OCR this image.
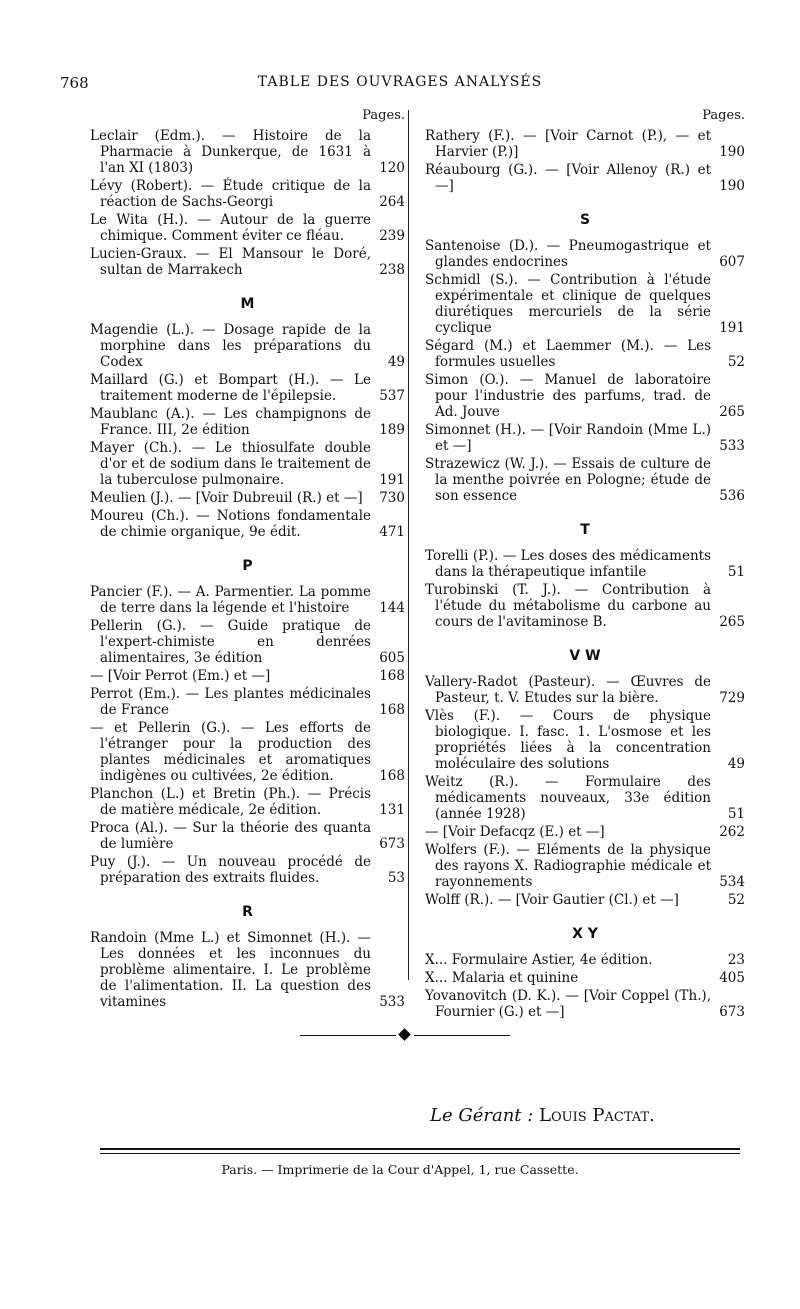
768	TABLE DES OUVRAGES ANALYSÉS
Pages.
Leclair (Edm.). — Histoire de la Pharmacie à Dunkerque, de 1631 à l'an XI (1803)	120
Lévy (Robert). — Étude critique de la réaction de Sachs-Georgi	264
Le Wita (H.). — Autour de la guerre chimique. Comment éviter ce fléau.	239
Lucien-Graux. — El Mansour le Doré, sultan de Marrakech	238
M
Magendie (L.). — Dosage rapide de la morphine dans les préparations du Codex	49
Maillard (G.) et Bompart (H.). — Le traitement moderne de l'épilepsie.	537
Maublanc (A.). — Les champignons de France. III, 2e édition	189
Mayer (Ch.). — Le thiosulfate double d'or et de sodium dans le traitement de la tuberculose pulmonaire.	191
Meulien (J.). — [Voir Dubreuil (R.) et —] 730
Moureu (Ch.). — Notions fondamentale de chimie organique, 9e édit.	471
P
Pancier (F.). — A. Parmentier. La pomme de terre dans la légende et l'histoire 144
Pellerin (G.). — Guide pratique de l'expert-chimiste en denrées alimentaires, 3e édition	605
— [Voir Perrot (Em.) et —]	168
Perrot (Em.). — Les plantes médicinales de France	168
— et Pellerin (G.). — Les efforts de l'étranger pour la production des plantes médicinales et aromatiques indigènes ou cultivées, 2e édition.	168
Planchon (L.) et Bretin (Ph.). — Précis de matière médicale, 2e édition.	131
Proca (Al.). — Sur la théorie des quanta de lumière	673
Puy (J.). — Un nouveau procédé de préparation des extraits fluides.	53
R
Randoin (Mme L.) et Simonnet (H.). — Les données et les inconnues du problème alimentaire. I. Le problème de l'alimentation. II. La question des vitamines	533
Pages.
Rathery (F.). — [Voir Carnot (P.), — et Harvier (P.)]	190
Réaubourg (G.). — [Voir Allenoy (R.) et —]	190
S
Santenoise (D.). — Pneumogastrique et glandes endocrines	607
Schmidl (S.). — Contribution à l'étude expérimentale et clinique de quelques diurétiques mercuriels de la série cyclique	191
Ségard (M.) et Laemmer (M.). — Les formules usuelles	52
Simon (O.). — Manuel de laboratoire pour l'industrie des parfums, trad. de Ad. Jouve	265
Simonnet (H.). — [Voir Randoin (Mme L.) et —]	533
Strazewicz (W. J.). — Essais de culture de la menthe poivrée en Pologne; étude de son essence	536
T
Torelli (P.). — Les doses des médicaments dans la thérapeutique infantile	51
Turobinski (T. J.). — Contribution à l'étude du métabolisme du carbone au cours de l'avitaminose B.	265
V W
Vallery-Radot (Pasteur). — Œuvres de Pasteur, t. V. Etudes sur la bière.	729
Vlès (F.). — Cours de physique biologique. I. fasc. 1. L'osmose et les propriétés liées à la concentration moléculaire des solutions	49
Weitz (R.). — Formulaire des médicaments nouveaux, 33e édition (année 1928)	51
— [Voir Defacqz (E.) et —]	262
Wolfers (F.). — Eléments de la physique des rayons X. Radiographie médicale et rayonnements	534
Wolff (R.). — [Voir Gautier (Cl.) et —]	52
X Y
X... Formulaire Astier, 4e édition.	23
X... Malaria et quinine	405
Yovanovitch (D. K.). — [Voir Coppel (Th.), Fournier (G.) et —]	673
Le Gérant : Louis Pactat.
Paris. — Imprimerie de la Cour d'Appel, 1, rue Cassette.
